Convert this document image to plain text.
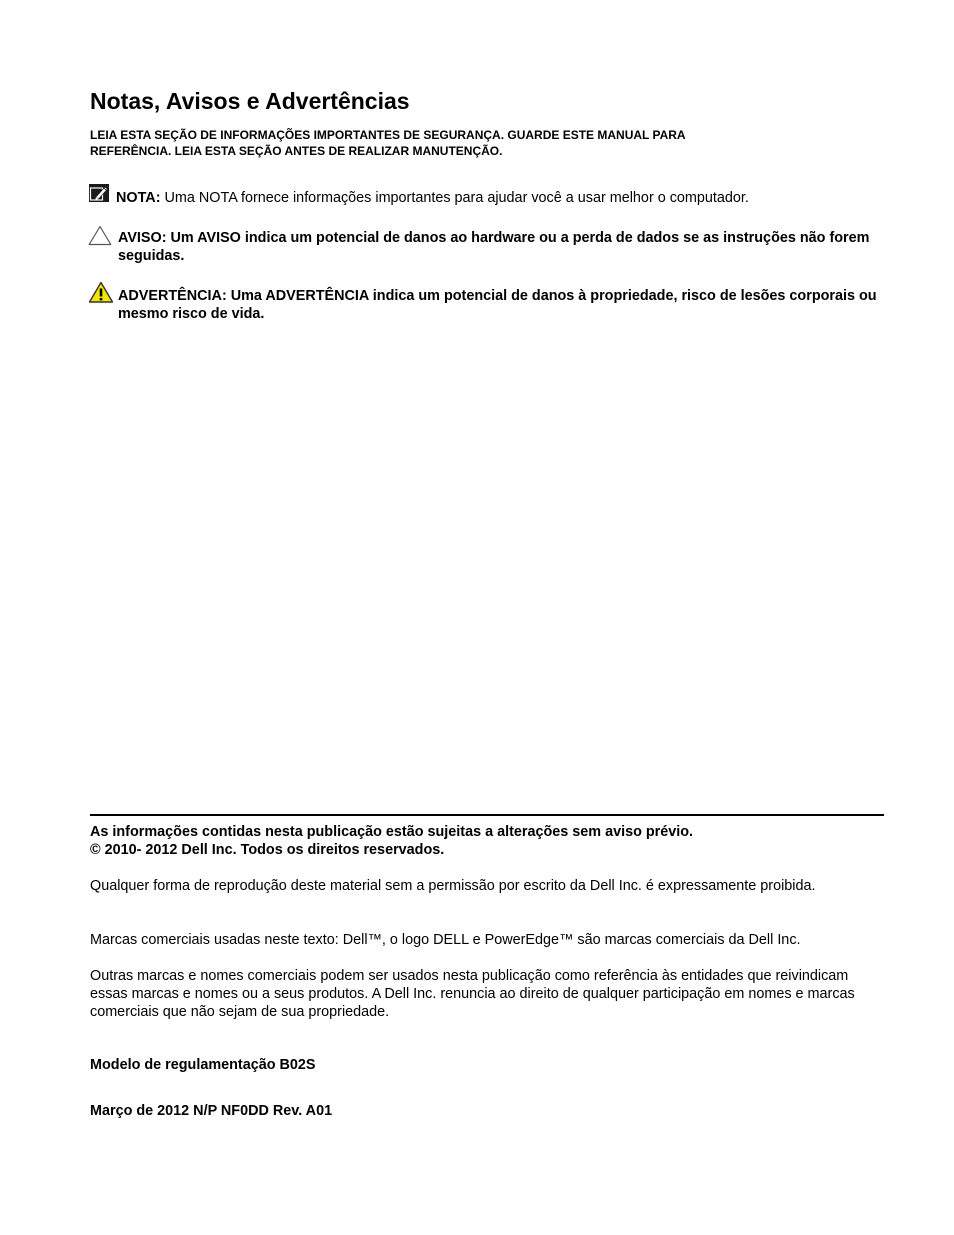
Notas, Avisos e Advertências
LEIA ESTA SEÇÃO DE INFORMAÇÕES IMPORTANTES DE SEGURANÇA. GUARDE ESTE MANUAL PARA
REFERÊNCIA. LEIA ESTA SEÇÃO ANTES DE REALIZAR MANUTENÇÃO.
NOTA: Uma NOTA fornece informações importantes para ajudar você a usar melhor o computador.
AVISO: Um AVISO indica um potencial de danos ao hardware ou a perda de dados se as instruções não forem seguidas.
ADVERTÊNCIA: Uma ADVERTÊNCIA indica um potencial de danos à propriedade, risco de lesões corporais ou mesmo risco de vida.
As informações contidas nesta publicação estão sujeitas a alterações sem aviso prévio.
© 2010- 2012 Dell Inc. Todos os direitos reservados.
Qualquer forma de reprodução deste material sem a permissão por escrito da Dell Inc. é expressamente proibida.
Marcas comerciais usadas neste texto: Dell™, o logo DELL e PowerEdge™ são marcas comerciais da Dell Inc.
Outras marcas e nomes comerciais podem ser usados nesta publicação como referência às entidades que reivindicam essas marcas e nomes ou a seus produtos. A Dell Inc. renuncia ao direito de qualquer participação em nomes e marcas comerciais que não sejam de sua propriedade.
Modelo de regulamentação B02S
Março de 2012 N/P NF0DD Rev. A01
